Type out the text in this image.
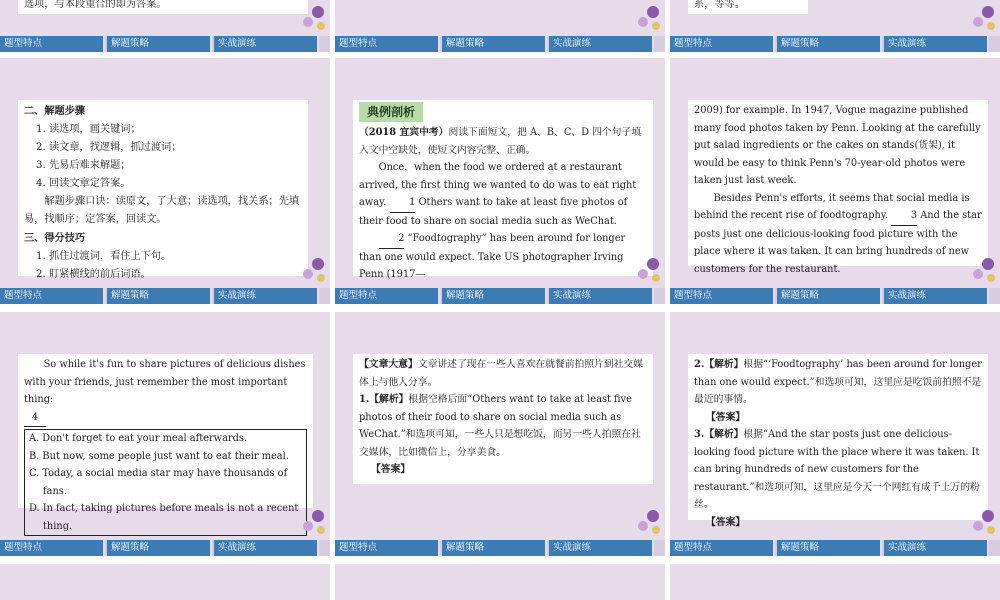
选项，与本段重合的即为答案。

题型特点	解题策略	实战演练	题型特点	解题策略	实战演练

系，等等。

题型特点	解题策略	实战演练

二、解题步骤

1. 读选项，画关键词；

2. 读文章，找逻辑，抓过渡词；

3. 先易后难来解题；

4. 回读文章定答案。

解题步骤口诀：读原文，了大意；读选项，找关系；先填易，找顺序；定答案，回读文。

三、得分技巧

1. 抓住过渡词，看住上下句。

2. 盯紧横线的前后词语。

题型特点	解题策略	实战演练

典例剖析

（2018 宜宾中考）阅读下面短文，把 A、B、C、D 四个句子填入文中空缺处，使短文内容完整、正确。

Once，when the food we ordered at a restaurant arrived, the first thing we wanted to do was to eat right away. 1 Others want to take at least five photos of their food to share on social media such as WeChat.

2 “Foodtography” has been around for longer than one would expect. Take US photographer Irving Penn (1917—

题型特点	解题策略	实战演练

2009) for example. In 1947, Vogue magazine published many food photos taken by Penn. Looking at the carefully put salad ingredients or the cakes on stands(货架), it would be easy to think Penn's 70-year-old photos were taken just last week.

Besides Penn's efforts, it seems that social media is behind the recent rise of foodtography. 3 And the star posts just one delicious-looking food picture with the place where it was taken. It can bring hundreds of new customers for the restaurant.

题型特点	解题策略	实战演练

So while it's fun to share pictures of delicious dishes with your friends, just remember the most important thing:

4

A. Don't forget to eat your meal afterwards.

B. But now, some people just want to eat their meal.

C. Today, a social media star may have thousands of fans.

D. In fact, taking pictures before meals is not a recent thing.

题型特点	解题策略	实战演练

【文章大意】文章讲述了现在一些人喜欢在就餐前拍照片到社交媒体上与他人分享。

1.【解析】根据空格后面“Others want to take at least five photos of their food to share on social media such as WeChat.”和选项可知，一些人只是想吃饭，而另一些人拍照在社交媒体，比如微信上，分享美食。

【答案】

题型特点	解题策略	实战演练

2.【解析】根据“‘Foodtography’ has been around for longer than one would expect.”和选项可知，这里应是吃饭前拍照不是最近的事情。

【答案】

3.【解析】根据“And the star posts just one delicious-looking food picture with the place where it was taken. It can bring hundreds of new customers for the restaurant.”和选项可知，这里应是今天一个网红有成千上万的粉丝。

【答案】

题型特点	解题策略	实战演练
